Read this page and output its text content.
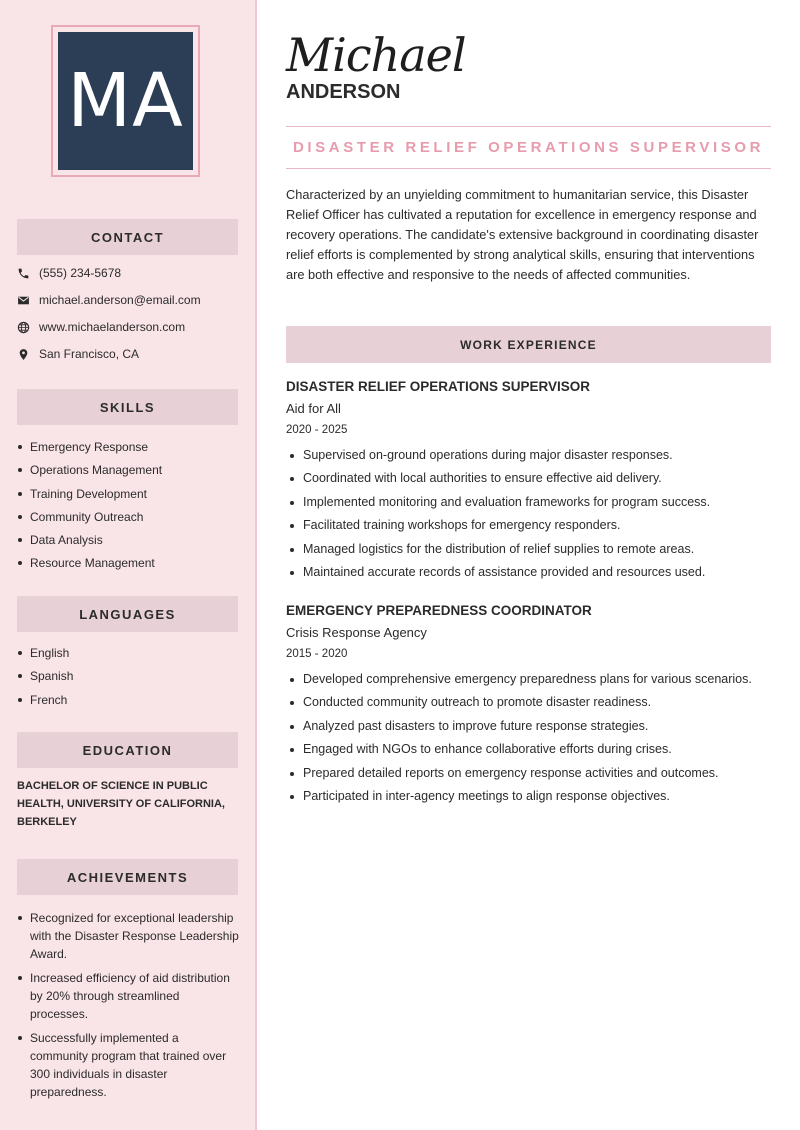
MA
CONTACT
(555) 234-5678
michael.anderson@email.com
www.michaelanderson.com
San Francisco, CA
SKILLS
Emergency Response
Operations Management
Training Development
Community Outreach
Data Analysis
Resource Management
LANGUAGES
English
Spanish
French
EDUCATION
BACHELOR OF SCIENCE IN PUBLIC HEALTH, UNIVERSITY OF CALIFORNIA, BERKELEY
ACHIEVEMENTS
Recognized for exceptional leadership with the Disaster Response Leadership Award.
Increased efficiency of aid distribution by 20% through streamlined processes.
Successfully implemented a community program that trained over 300 individuals in disaster preparedness.
Michael
ANDERSON
DISASTER RELIEF OPERATIONS SUPERVISOR

Characterized by an unyielding commitment to humanitarian service, this Disaster Relief Officer has cultivated a reputation for excellence in emergency response and recovery operations. The candidate's extensive background in coordinating disaster relief efforts is complemented by strong analytical skills, ensuring that interventions are both effective and responsive to the needs of affected communities.

WORK EXPERIENCE
DISASTER RELIEF OPERATIONS SUPERVISOR
Aid for All
2020 - 2025
Supervised on-ground operations during major disaster responses.
Coordinated with local authorities to ensure effective aid delivery.
Implemented monitoring and evaluation frameworks for program success.
Facilitated training workshops for emergency responders.
Managed logistics for the distribution of relief supplies to remote areas.
Maintained accurate records of assistance provided and resources used.
EMERGENCY PREPAREDNESS COORDINATOR
Crisis Response Agency
2015 - 2020
Developed comprehensive emergency preparedness plans for various scenarios.
Conducted community outreach to promote disaster readiness.
Analyzed past disasters to improve future response strategies.
Engaged with NGOs to enhance collaborative efforts during crises.
Prepared detailed reports on emergency response activities and outcomes.
Participated in inter-agency meetings to align response objectives.
